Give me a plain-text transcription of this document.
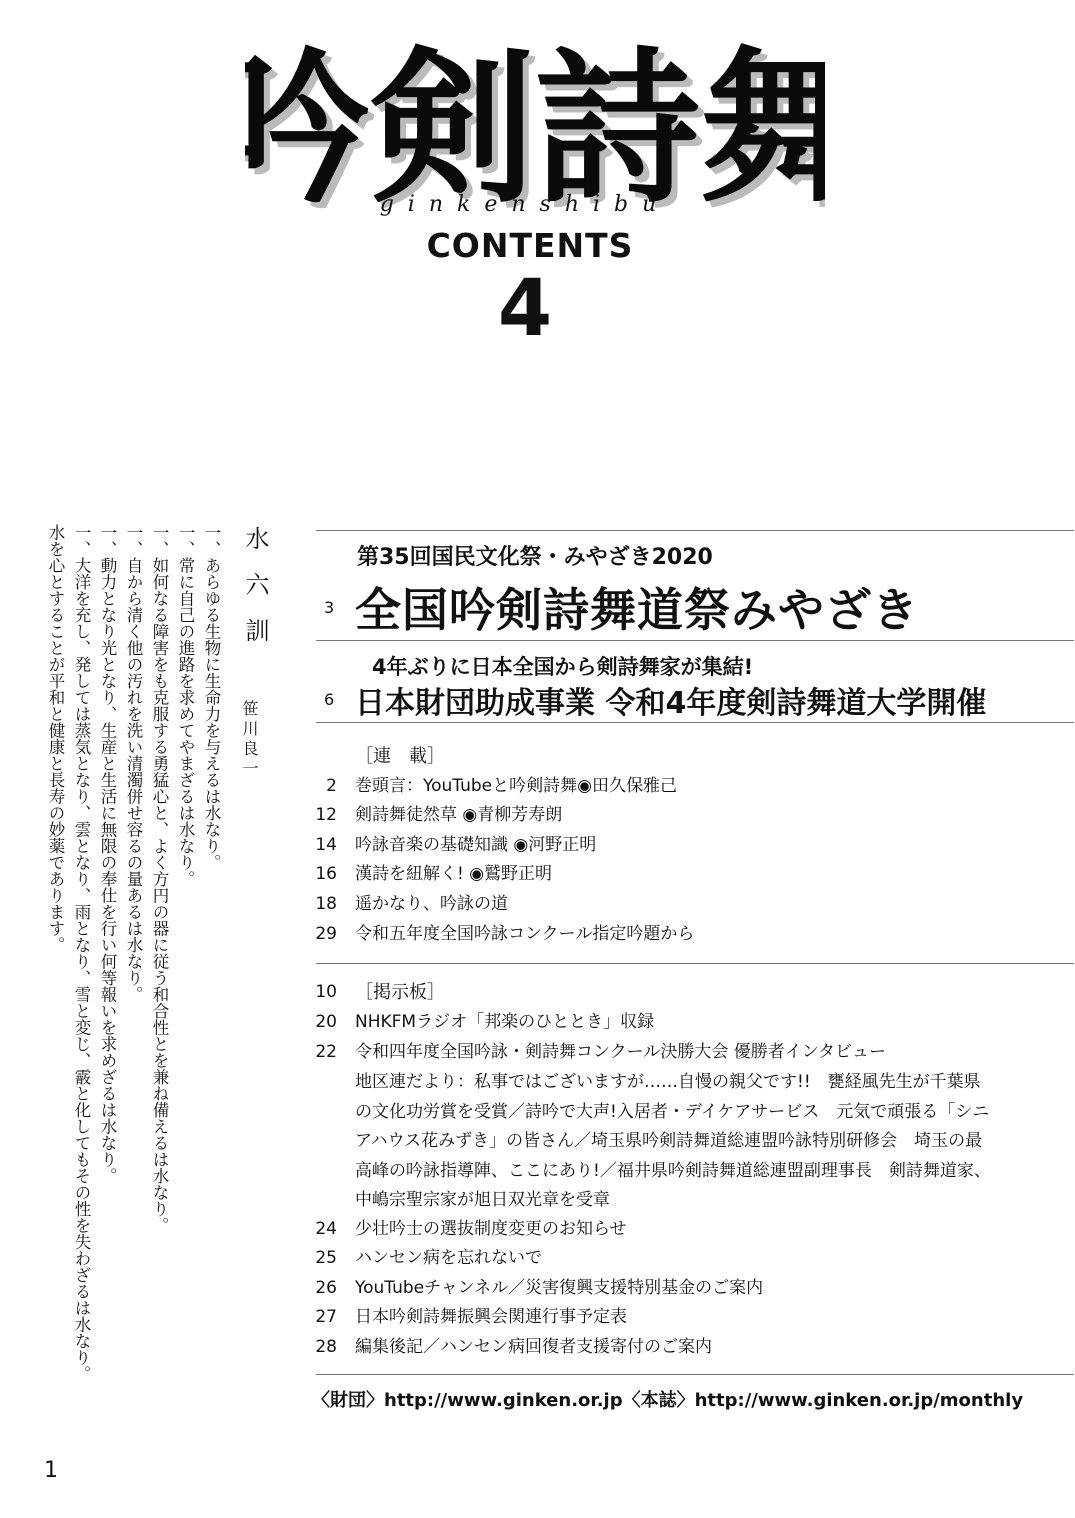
吟剣詩舞
吟剣詩舞
ginkenshibu
CONTENTS
4
第35回国民文化祭・みやざき2020
3 全国吟剣詩舞道祭みやざき
4年ぶりに日本全国から剣詩舞家が集結!
6 日本財団助成事業 令和4年度剣詩舞道大学開催
［連　載］
2 巻頭言：YouTubeと吟剣詩舞◉田久保雅己
12 剣詩舞徒然草 ◉青柳芳寿朗
14 吟詠音楽の基礎知識 ◉河野正明
16 漢詩を紐解く! ◉鷲野正明
18 遥かなり、吟詠の道
29 令和五年度全国吟詠コンクール指定吟題から
10 ［掲示板］
20 NHKFMラジオ「邦楽のひととき」収録
22 令和四年度全国吟詠・剣詩舞コンクール決勝大会 優勝者インタビュー
地区連だより：私事ではございますが……自慢の親父です!!　甕経風先生が千葉県
の文化功労賞を受賞／詩吟で大声!入居者・デイケアサービス　元気で頑張る「シニ
アハウス花みずき」の皆さん／埼玉県吟剣詩舞道総連盟吟詠特別研修会　埼玉の最
高峰の吟詠指導陣、ここにあり!／福井県吟剣詩舞道総連盟副理事長　剣詩舞道家、
中嶋宗聖宗家が旭日双光章を受章
24 少壮吟士の選抜制度変更のお知らせ
25 ハンセン病を忘れないで
26 YouTubeチャンネル／災害復興支援特別基金のご案内
27 日本吟剣詩舞振興会関連行事予定表
28 編集後記／ハンセン病回復者支援寄付のご案内
〈財団〉http://www.ginken.or.jp〈本誌〉http://www.ginken.or.jp/monthly
1
水六訓
笹川良一
一、あらゆる生物に生命力を与えるは水なり。
一、常に自己の進路を求めてやまざるは水なり。
一、如何なる障害をも克服する勇猛心と、よく方円の器に従う和合性とを兼ね備えるは水なり。
一、自から清く他の汚れを洗い清濁併せ容るの量あるは水なり。
一、動力となり光となり、生産と生活に無限の奉仕を行い何等報いを求めざるは水なり。
一、大洋を充し、発しては蒸気となり、雲となり、雨となり、雪と変じ、霰と化してもその性を失わざるは水なり。
水を心とすることが平和と健康と長寿の妙薬であります。
